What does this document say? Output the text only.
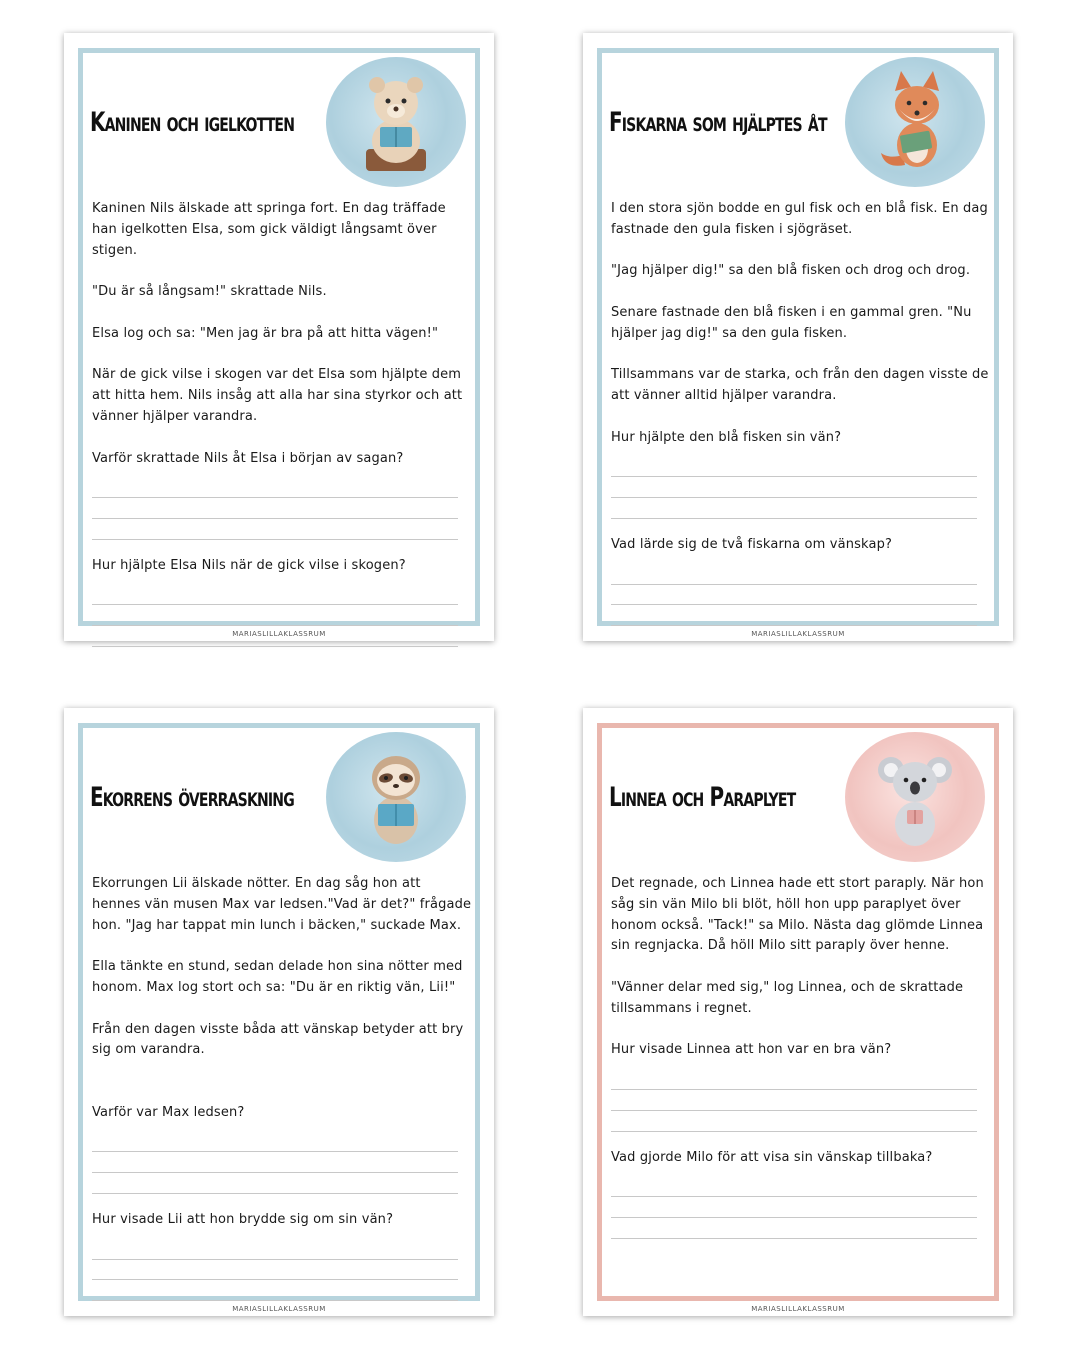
Kaninen och igelkotten

Kaninen Nils älskade att springa fort. En dag träffade han igelkotten Elsa, som gick väldigt långsamt över stigen.

"Du är så långsam!" skrattade Nils.

Elsa log och sa: "Men jag är bra på att hitta vägen!"

När de gick vilse i skogen var det Elsa som hjälpte dem att hitta hem. Nils insåg att alla har sina styrkor och att vänner hjälper varandra.

Varför skrattade Nils åt Elsa i början av sagan?

Hur hjälpte Elsa Nils när de gick vilse i skogen?

MARIASLILLAKLASSRUM
Fiskarna som hjälptes åt

I den stora sjön bodde en gul fisk och en blå fisk. En dag fastnade den gula fisken i sjögräset.

"Jag hjälper dig!" sa den blå fisken och drog och drog.

Senare fastnade den blå fisken i en gammal gren. "Nu hjälper jag dig!" sa den gula fisken.

Tillsammans var de starka, och från den dagen visste de att vänner alltid hjälper varandra.

Hur hjälpte den blå fisken sin vän?

Vad lärde sig de två fiskarna om vänskap?

MARIASLILLAKLASSRUM
Ekorrens överraskning

Ekorrungen Lii älskade nötter. En dag såg hon att hennes vän musen Max var ledsen."Vad är det?" frågade hon. "Jag har tappat min lunch i bäcken," suckade Max.

Ella tänkte en stund, sedan delade hon sina nötter med honom. Max log stort och sa: "Du är en riktig vän, Lii!"

Från den dagen visste båda att vänskap betyder att bry sig om varandra.

Varför var Max ledsen?

Hur visade Lii att hon brydde sig om sin vän?

MARIASLILLAKLASSRUM
Linnea och Paraplyet

Det regnade, och Linnea hade ett stort paraply. När hon såg sin vän Milo bli blöt, höll hon upp paraplyet över honom också. "Tack!" sa Milo. Nästa dag glömde Linnea sin regnjacka. Då höll Milo sitt paraply över henne.

"Vänner delar med sig," log Linnea, och de skrattade tillsammans i regnet.

Hur visade Linnea att hon var en bra vän?

Vad gjorde Milo för att visa sin vänskap tillbaka?

MARIASLILLAKLASSRUM
